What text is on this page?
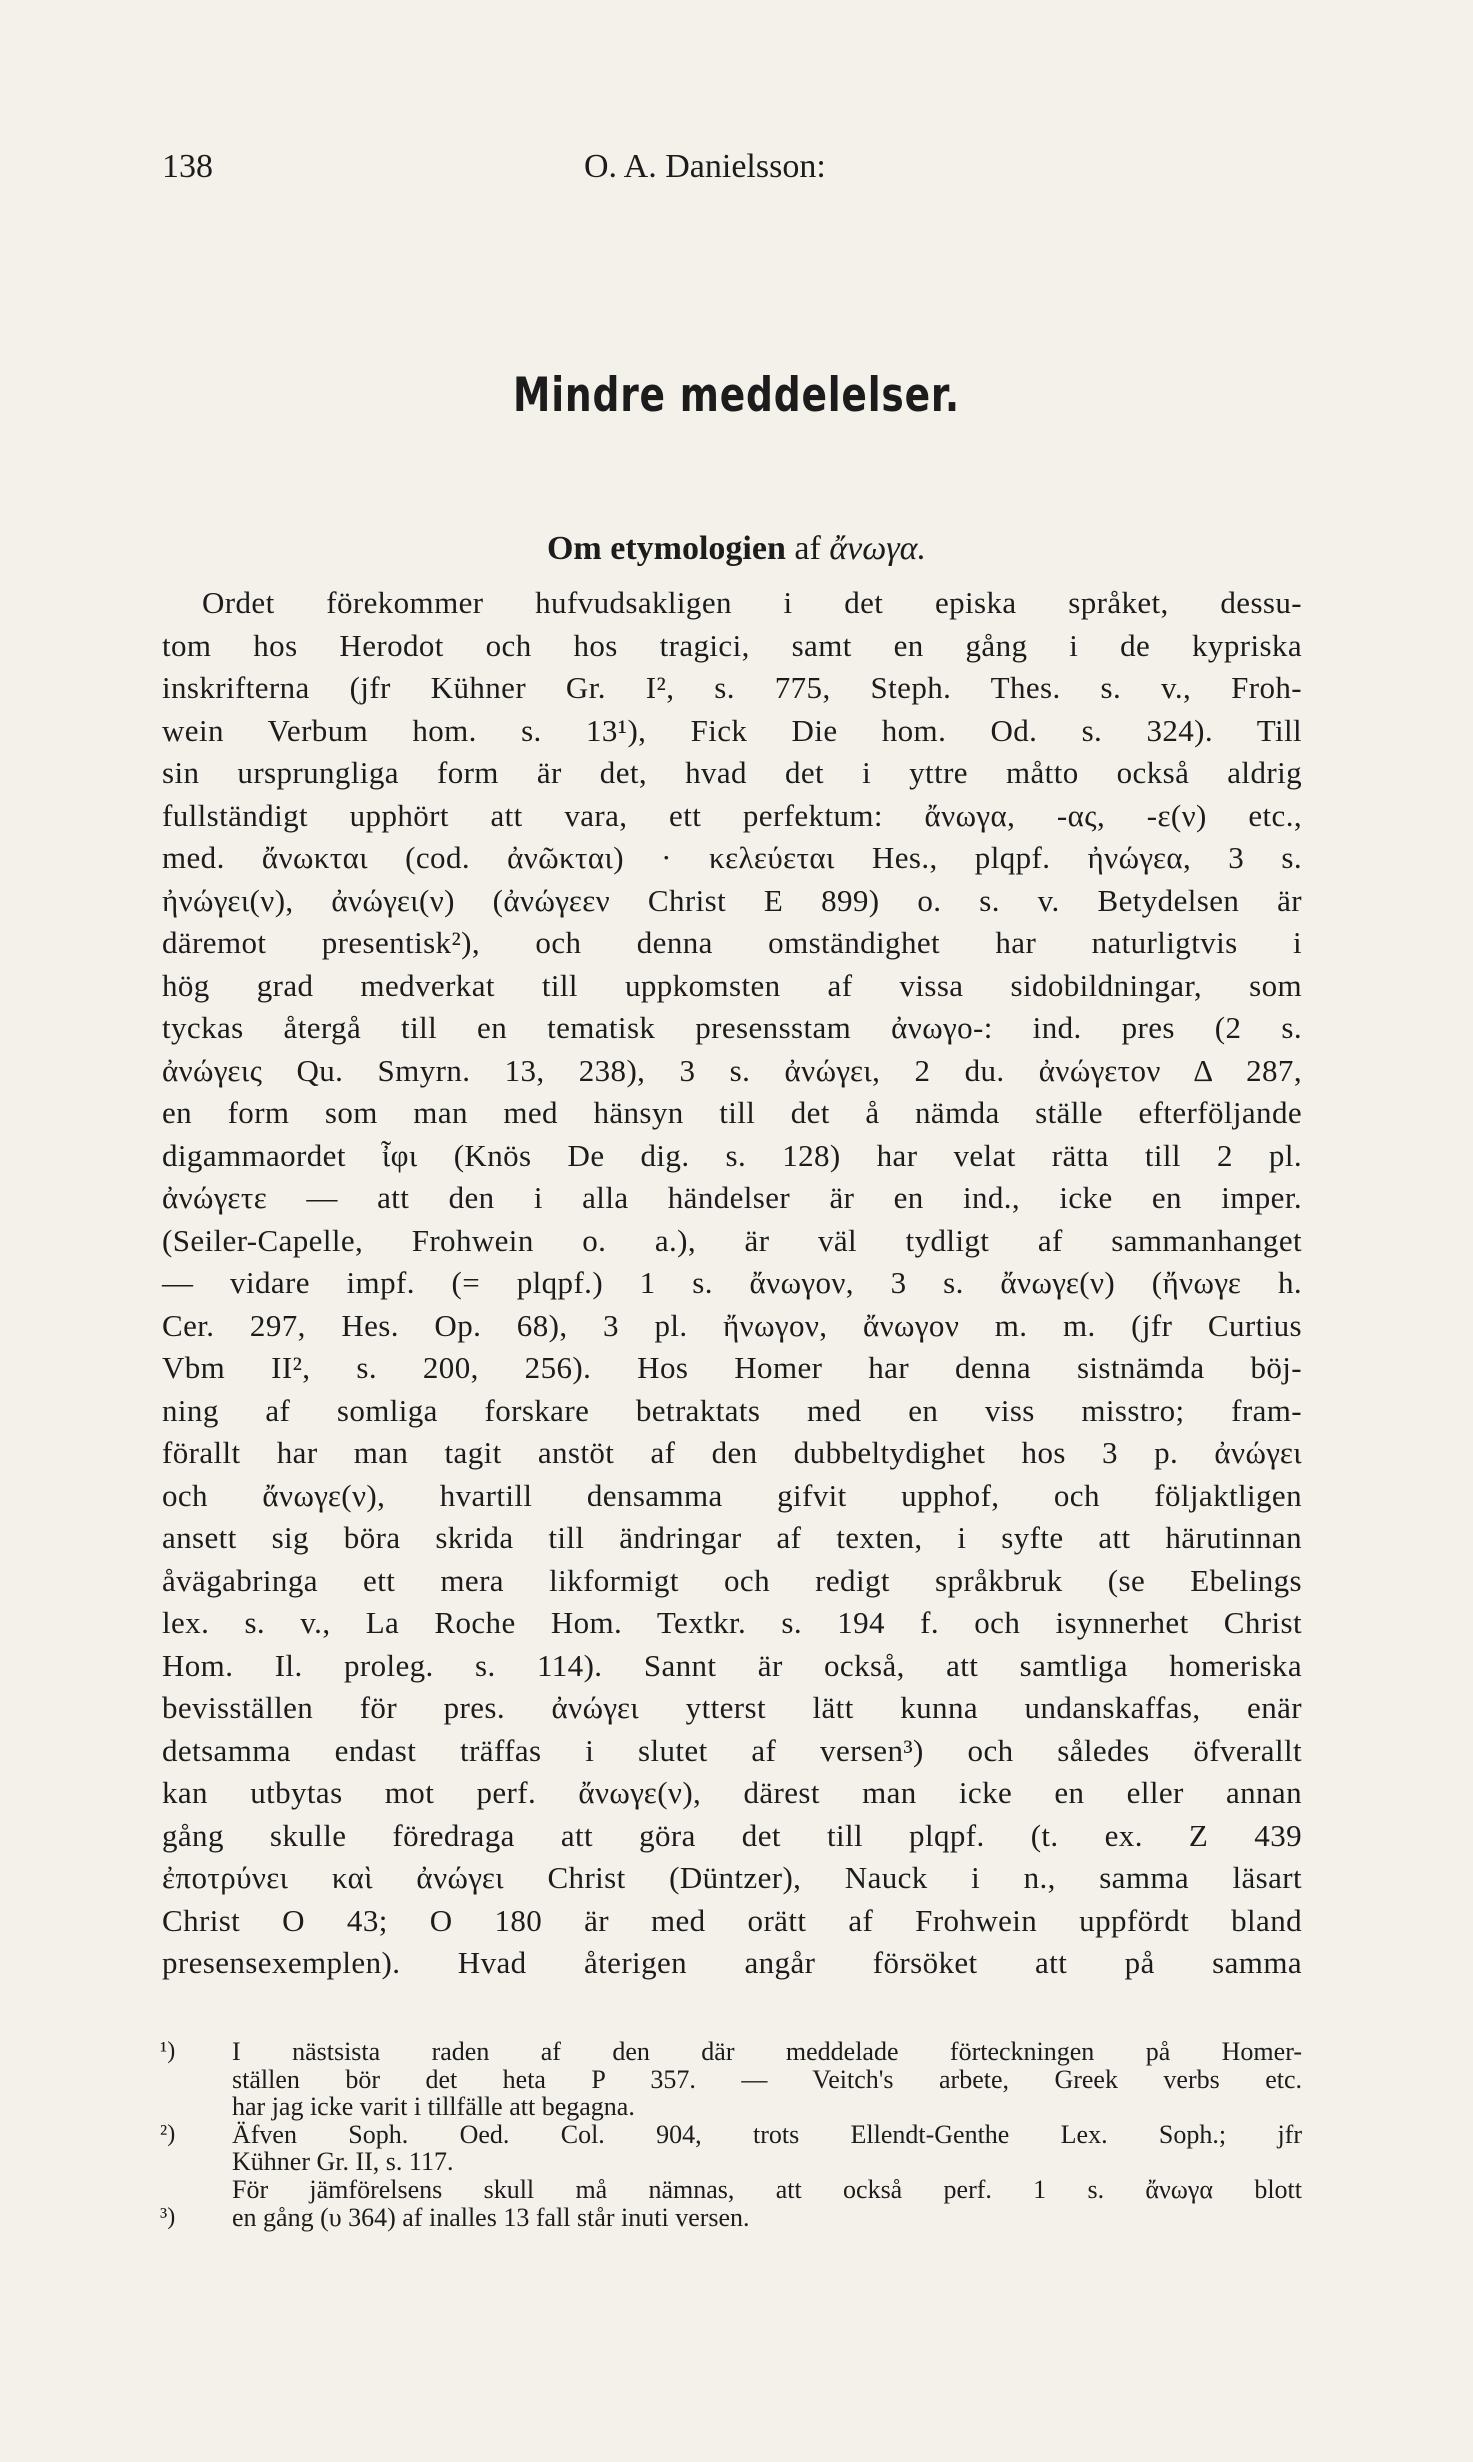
138	O. A. Danielsson:
Mindre meddelelser.
Om etymologien af ἄνωγα.
Ordet förekommer hufvudsakligen i det episka språket, dessu-
tom hos Herodot och hos tragici, samt en gång i de kypriska
inskrifterna (jfr Kühner Gr. I², s. 775, Steph. Thes. s. v., Froh-
wein Verbum hom. s. 13¹), Fick Die hom. Od. s. 324). Till
sin ursprungliga form är det, hvad det i yttre måtto också aldrig
fullständigt upphört att vara, ett perfektum: ἄνωγα, -ας, -ε(ν) etc.,
med. ἄνωκται (cod. ἀνῶκται) · κελεύεται Hes., plqpf. ἠνώγεα, 3 s.
ἠνώγει(ν), ἀνώγει(ν) (ἀνώγεεν Christ E 899) o. s. v. Betydelsen är
däremot presentisk²), och denna omständighet har naturligtvis i
hög grad medverkat till uppkomsten af vissa sidobildningar, som
tyckas återgå till en tematisk presensstam ἀνωγο-: ind. pres (2 s.
ἀνώγεις Qu. Smyrn. 13, 238), 3 s. ἀνώγει, 2 du. ἀνώγετον Δ 287,
en form som man med hänsyn till det å nämda ställe efterföljande
digammaordet ἶφι (Knös De dig. s. 128) har velat rätta till 2 pl.
ἀνώγετε — att den i alla händelser är en ind., icke en imper.
(Seiler-Capelle, Frohwein o. a.), är väl tydligt af sammanhanget
— vidare impf. (= plqpf.) 1 s. ἄνωγον, 3 s. ἄνωγε(ν) (ἤνωγε h.
Cer. 297, Hes. Op. 68), 3 pl. ἤνωγον, ἄνωγον m. m. (jfr Curtius
Vbm II², s. 200, 256). Hos Homer har denna sistnämda böj-
ning af somliga forskare betraktats med en viss misstro; fram-
förallt har man tagit anstöt af den dubbeltydighet hos 3 p. ἀνώγει
och ἄνωγε(ν), hvartill densamma gifvit upphof, och följaktligen
ansett sig böra skrida till ändringar af texten, i syfte att härutinnan
åvägabringa ett mera likformigt och redigt språkbruk (se Ebelings
lex. s. v., La Roche Hom. Textkr. s. 194 f. och isynnerhet Christ
Hom. Il. proleg. s. 114). Sannt är också, att samtliga homeriska
bevisställen för pres. ἀνώγει ytterst lätt kunna undanskaffas, enär
detsamma endast träffas i slutet af versen³) och således öfverallt
kan utbytas mot perf. ἄνωγε(ν), därest man icke en eller annan
gång skulle föredraga att göra det till plqpf. (t. ex. Z 439
ἐποτρύνει καὶ ἀνώγει Christ (Düntzer), Nauck i n., samma läsart
Christ O 43; O 180 är med orätt af Frohwein uppfördt bland
presensexemplen). Hvad återigen angår försöket att på samma
¹) I nästsista raden af den där meddelade förteckningen på Homer-
ställen bör det heta P 357. — Veitch's arbete, Greek verbs etc.
har jag icke varit i tillfälle att begagna.
²) Äfven Soph. Oed. Col. 904, trots Ellendt-Genthe Lex. Soph.; jfr
Kühner Gr. II, s. 117.
För jämförelsens skull må nämnas, att också perf. 1 s. ἄνωγα blott
³) en gång (υ 364) af inalles 13 fall står inuti versen.
